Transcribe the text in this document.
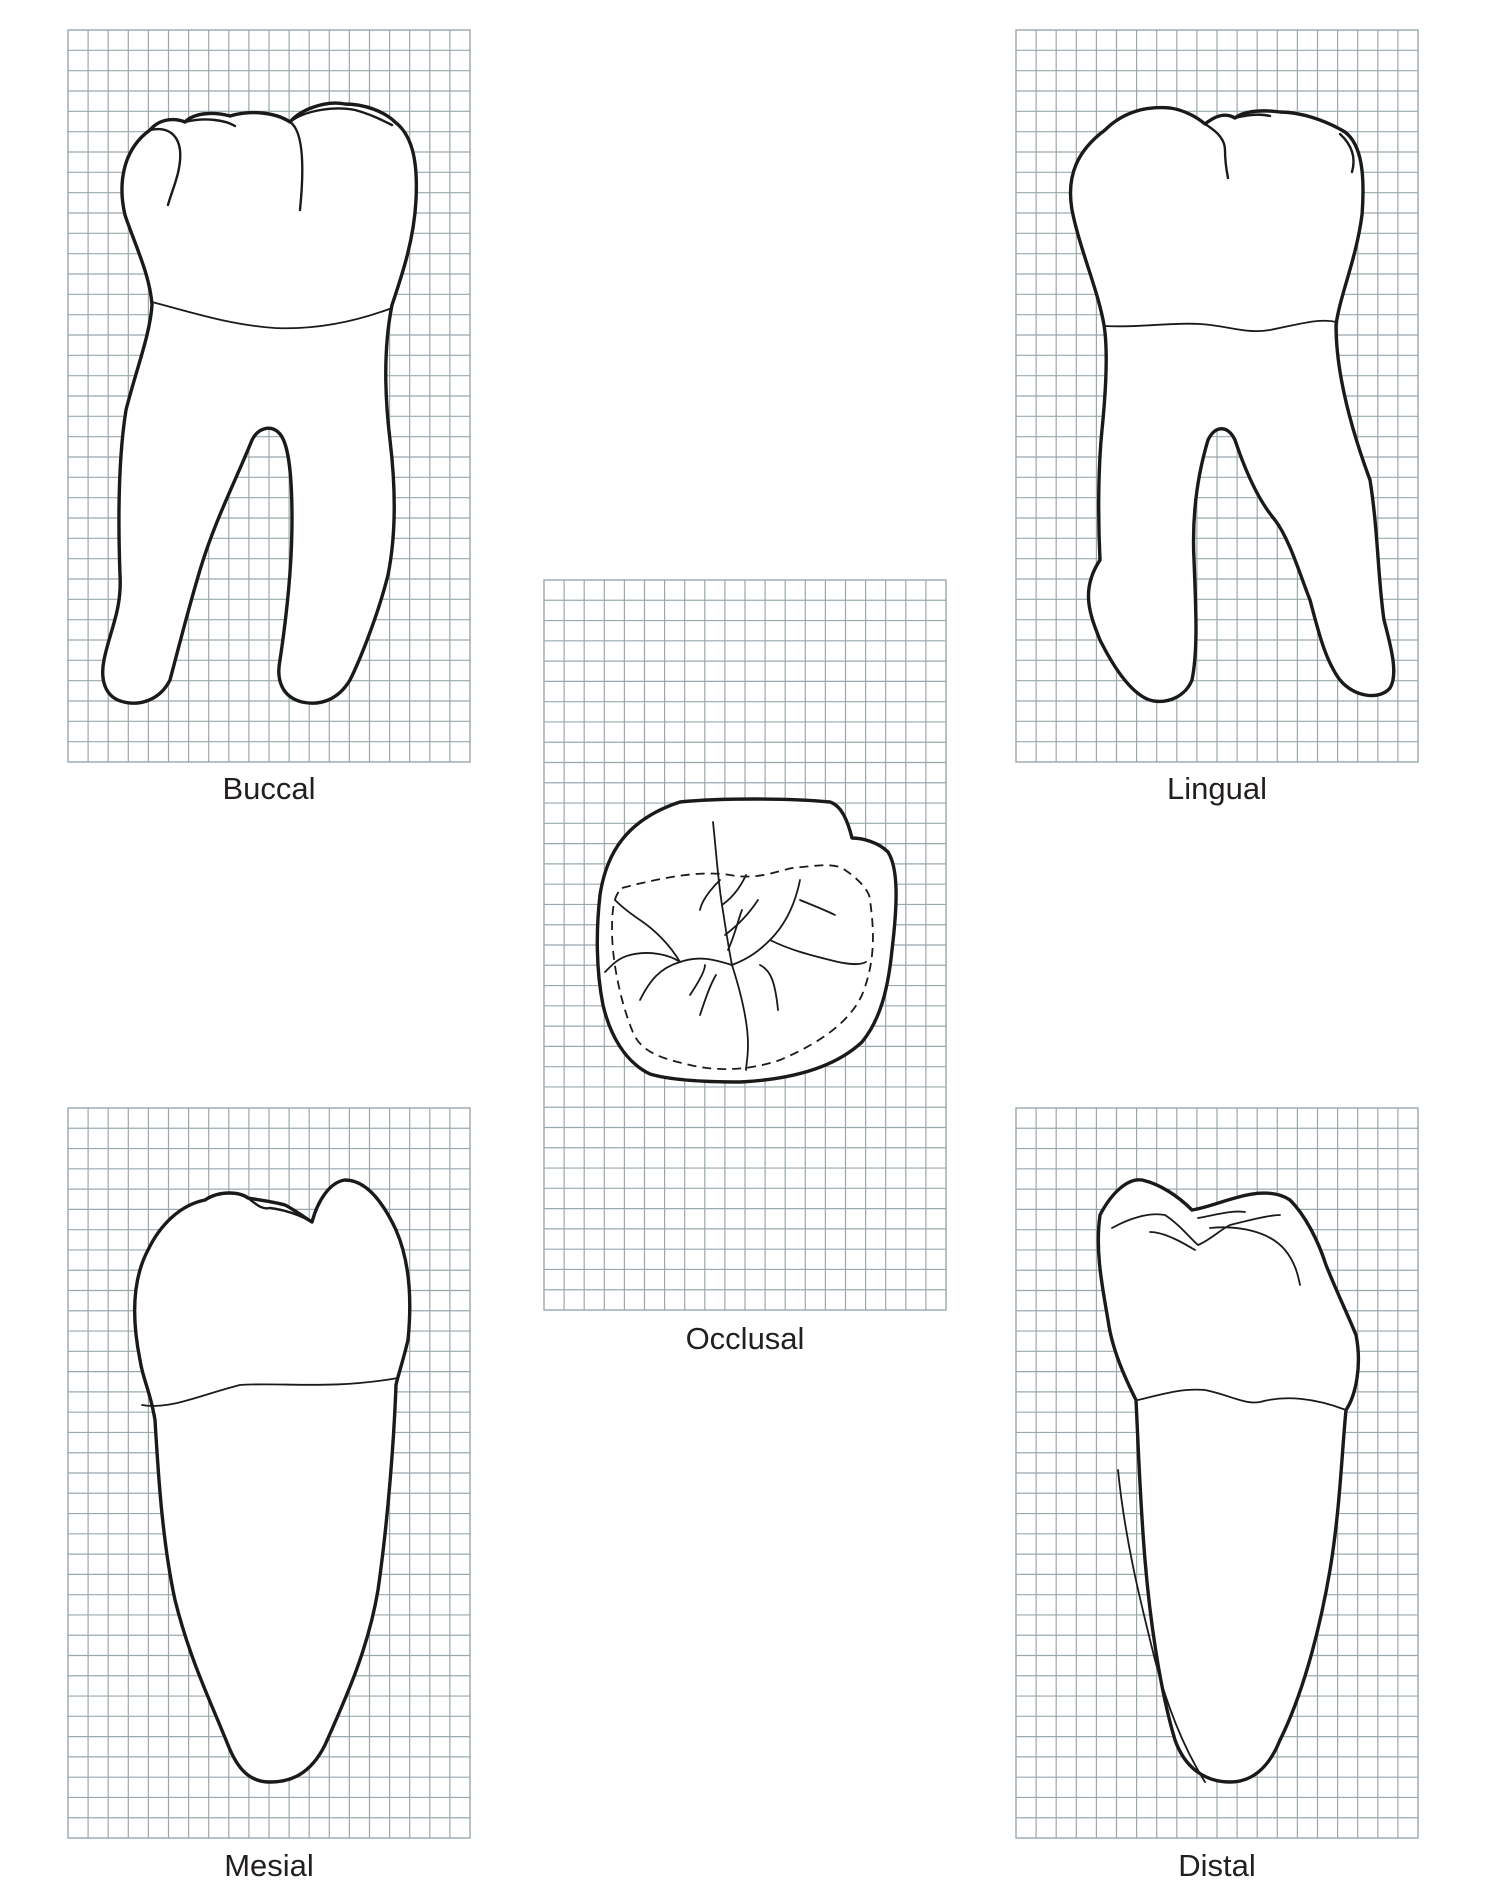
Buccal	Lingual
Occlusal
Mesial	Distal
